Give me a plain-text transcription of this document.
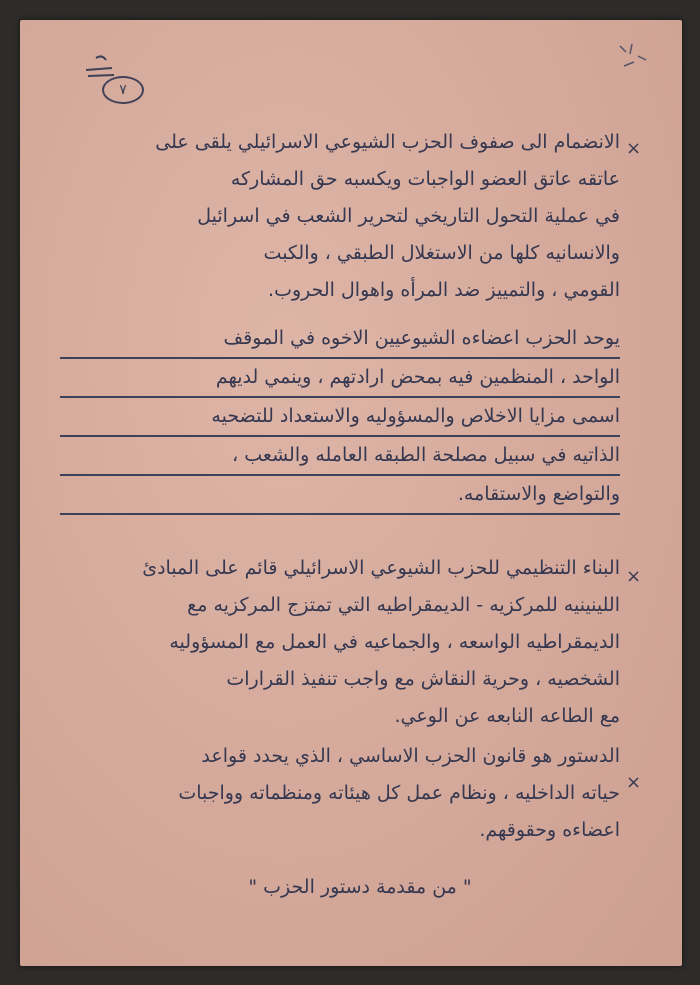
٧
×
الانضمام الى صفوف الحزب الشيوعي الاسرائيلي يلقى على
عاتقه عاتق العضو الواجبات ويكسبه حق المشاركه
في عملية التحول التاريخي لتحرير الشعب في اسرائيل
والانسانيه كلها من الاستغلال الطبقي ، والكبت
القومي ، والتمييز ضد المرأه واهوال الحروب.
يوحد الحزب اعضاءه الشيوعيين الاخوه في الموقف
الواحد ، المنظمين فيه بمحض ارادتهم ، وينمي لديهم
اسمى مزايا الاخلاص والمسؤوليه والاستعداد للتضحيه
الذاتيه في سبيل مصلحة الطبقه العامله والشعب ،
والتواضع والاستقامه.
×
البناء التنظيمي للحزب الشيوعي الاسرائيلي قائم على المبادئ
اللينينيه للمركزيه - الديمقراطيه التي تمتزج المركزيه مع
الديمقراطيه الواسعه ، والجماعيه في العمل مع المسؤوليه
الشخصيه ، وحرية النقاش مع واجب تنفيذ القرارات
مع الطاعه النابعه عن الوعي.
×
الدستور هو قانون الحزب الاساسي ، الذي يحدد قواعد
حياته الداخليه ، ونظام عمل كل هيئاته ومنظماته وواجبات
اعضاءه وحقوقهم.
" من مقدمة دستور الحزب "
